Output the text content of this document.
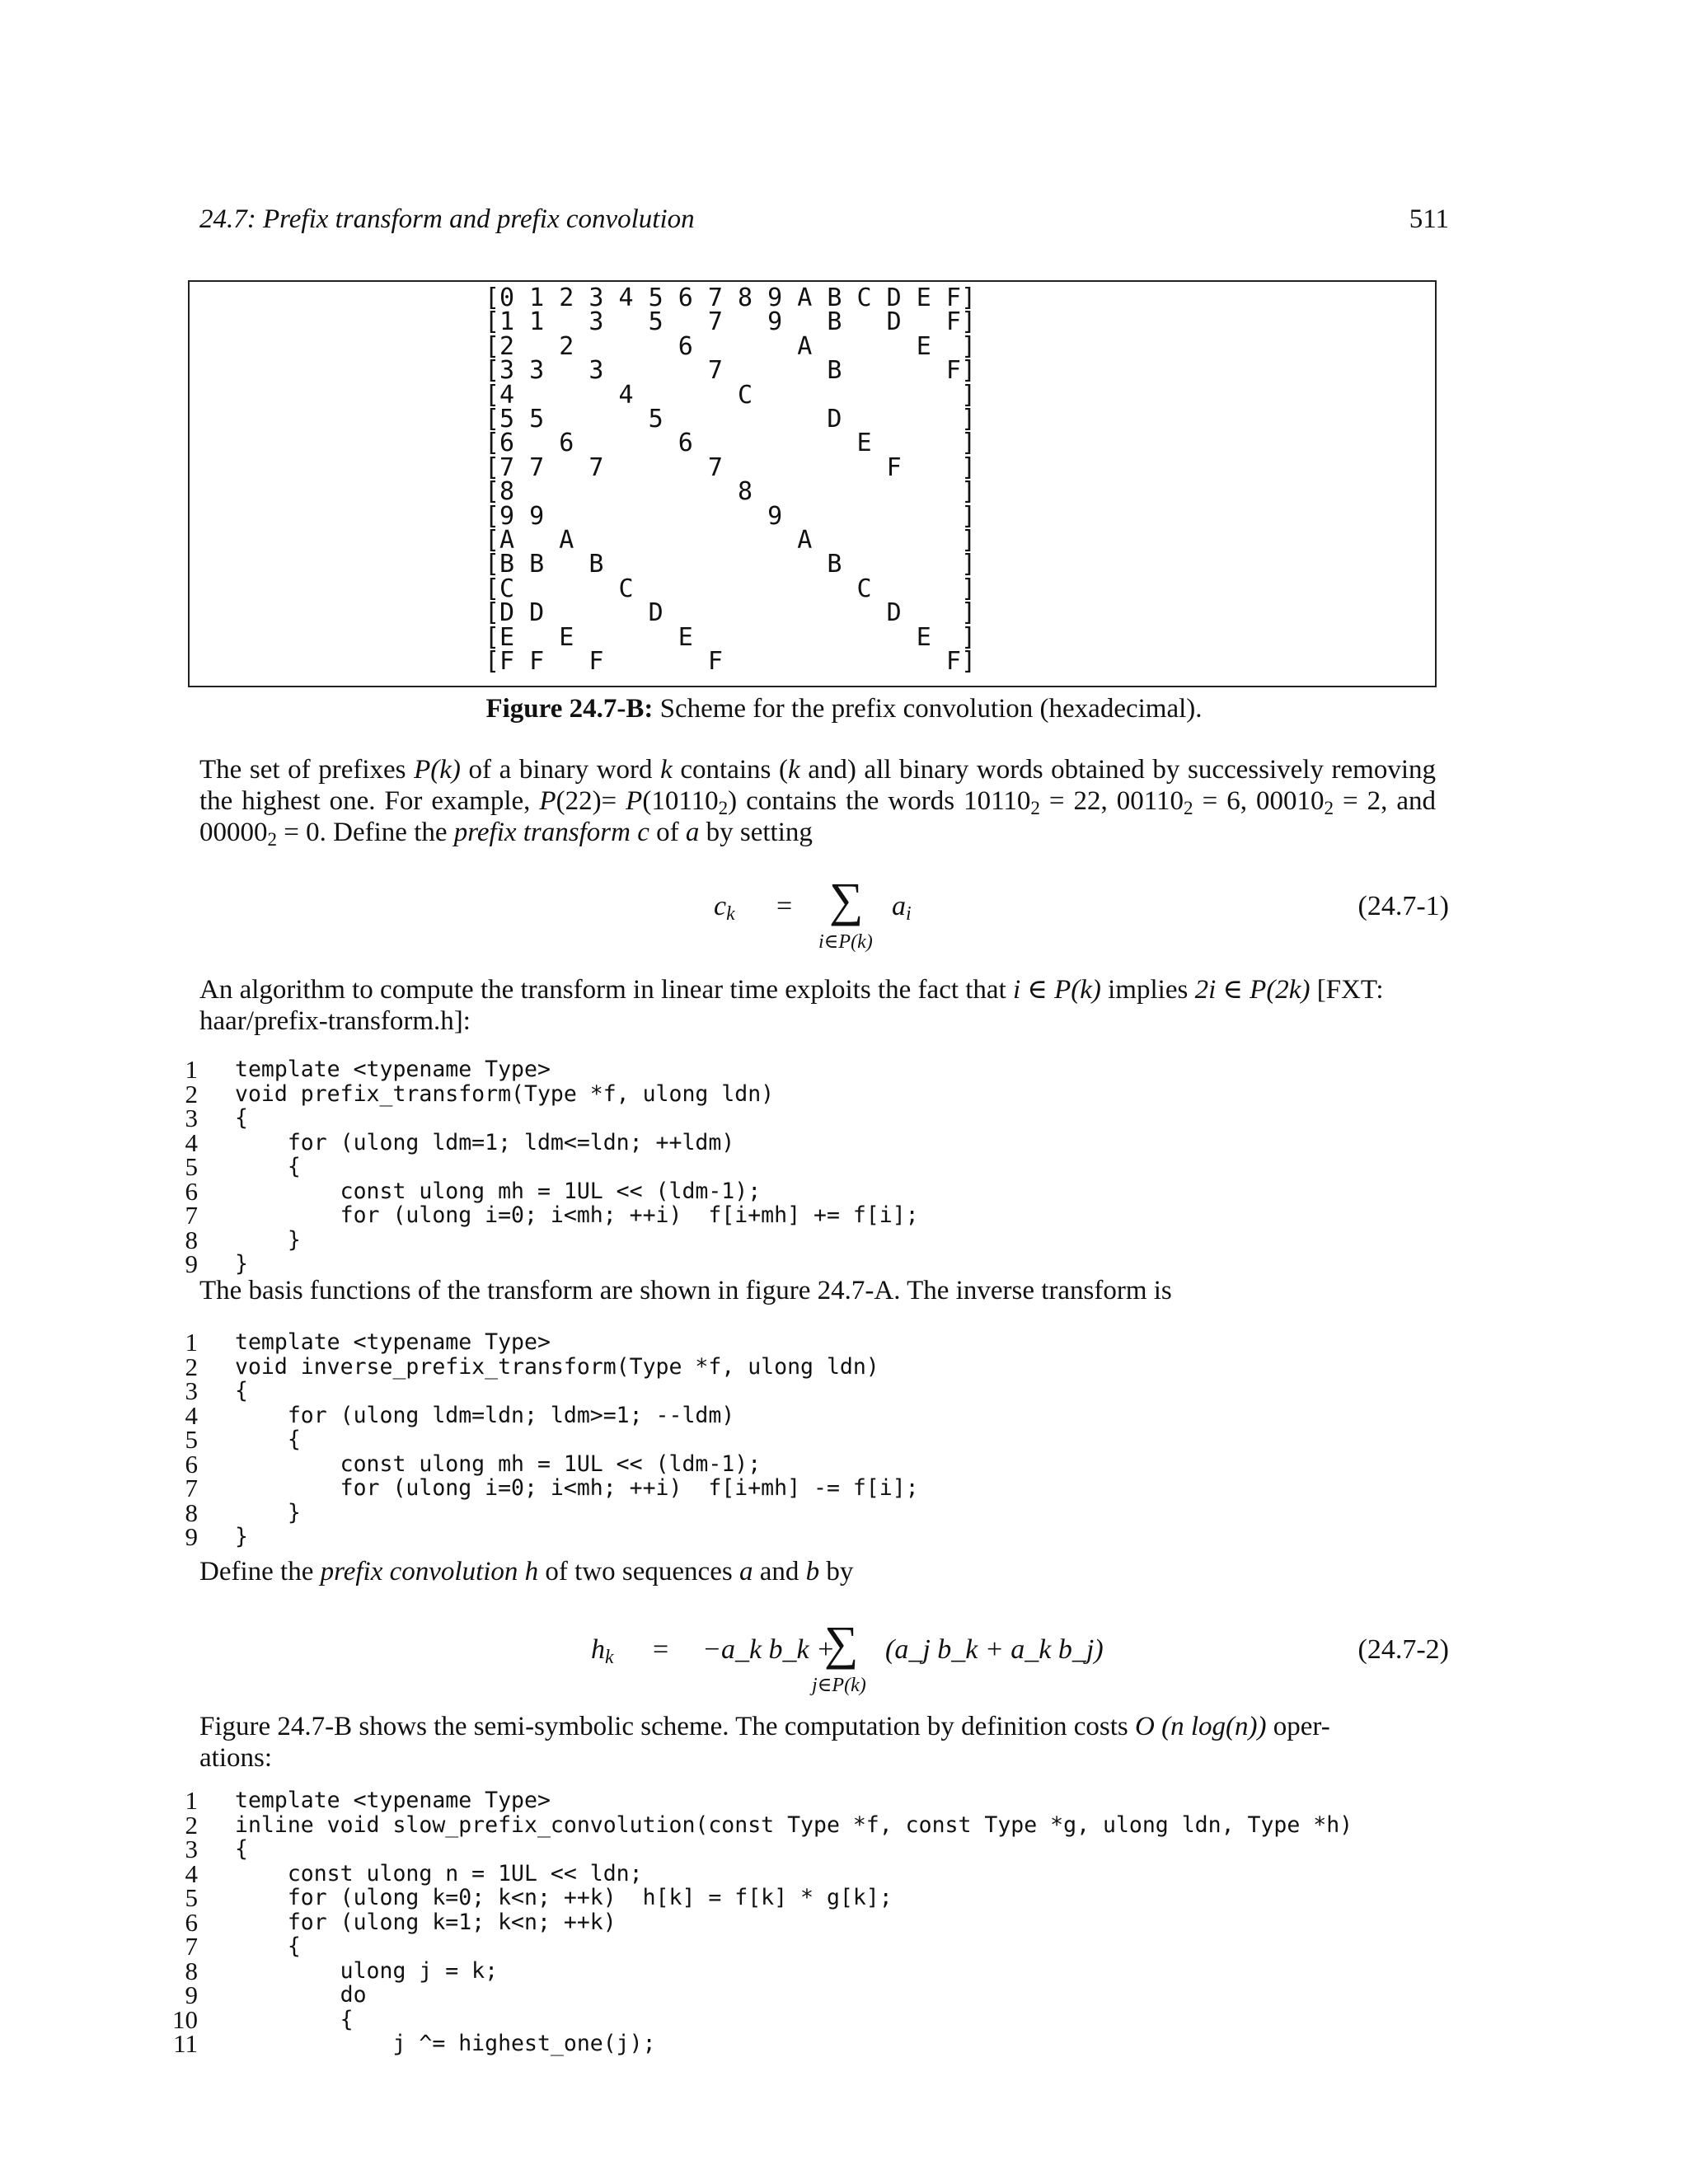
24.7: Prefix transform and prefix convolution	511
[0 1 2 3 4 5 6 7 8 9 A B C D E F]
[1 1   3   5   7   9   B   D   F]
[2   2       6       A       E  ]
[3 3   3       7       B       F]
[4       4       C              ]
[5 5       5           D        ]
[6   6       6           E      ]
[7 7   7       7           F    ]
[8               8              ]
[9 9               9            ]
[A   A               A          ]
[B B   B               B        ]
[C       C               C      ]
[D D       D               D    ]
[E   E       E               E  ]
[F F   F       F               F]
Figure 24.7-B: Scheme for the prefix convolution (hexadecimal).
The set of prefixes P(k) of a binary word k contains (k and) all binary words obtained by successively removing the highest one. For example, $P(22)= P(10110_2)$ contains the words $10110_2 = 22$, $00110_2 = 6$, $00010_2 = 2$, and $00000_2 = 0$. Define the prefix transform c of a by setting
$c_k$ = ∑
i∈P(k)
$a_i$	(24.7-1)
An algorithm to compute the transform in linear time exploits the fact that i ∈ P(k) implies 2i ∈ P(2k) [FXT: haar/prefix-transform.h]:
1 template <typename Type>
2 void prefix_transform(Type *f, ulong ldn)
3 {
4 for (ulong ldm=1; ldm<=ldn; ++ldm)
5 {
6 const ulong mh = 1UL << (ldm-1);
7 for (ulong i=0; i<mh; ++i)  f[i+mh] += f[i];
8 }
9 }
The basis functions of the transform are shown in figure 24.7-A. The inverse transform is
1 template <typename Type>
2 void inverse_prefix_transform(Type *f, ulong ldn)
3 {
4 for (ulong ldm=ldn; ldm>=1; --ldm)
5 {
6 const ulong mh = 1UL << (ldm-1);
7 for (ulong i=0; i<mh; ++i)  f[i+mh] -= f[i];
8 }
9 }
Define the prefix convolution h of two sequences a and b by
$h_k$ = −a_k b_k +
∑
j∈P(k)
(a_j b_k + a_k b_j)	(24.7-2)
Figure 24.7-B shows the semi-symbolic scheme. The computation by definition costs O (n log(n)) oper-
ations:
1 template <typename Type>
2 inline void slow_prefix_convolution(const Type *f, const Type *g, ulong ldn, Type *h)
3 {
4 const ulong n = 1UL << ldn;
5 for (ulong k=0; k<n; ++k)  h[k] = f[k] * g[k];
6 for (ulong k=1; k<n; ++k)
7 {
8 ulong j = k;
9 do
10 {
11 j ^= highest_one(j);
